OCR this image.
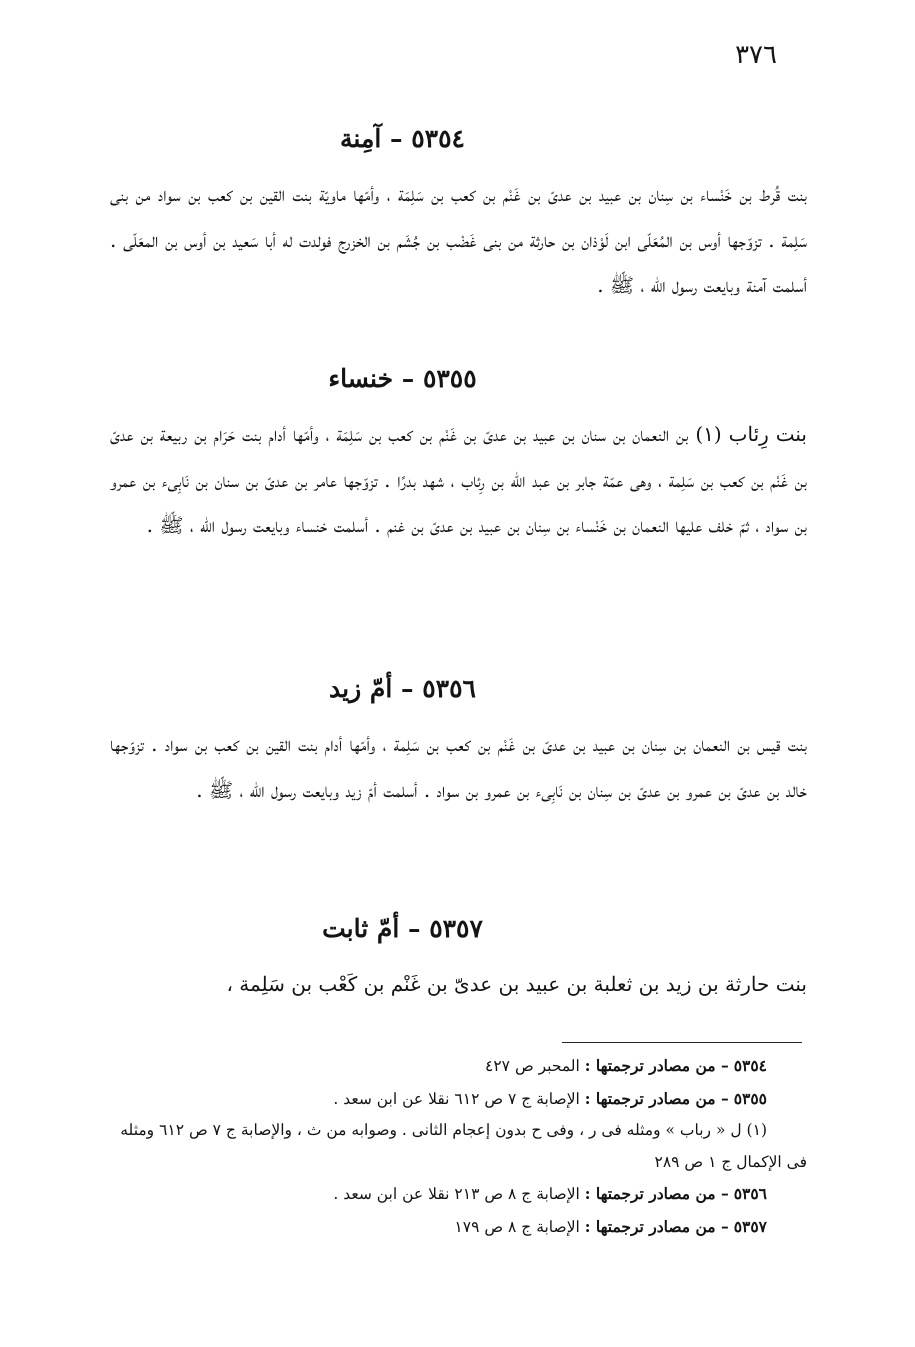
٣٧٦
٥٣٥٤ – آمِنة
بنت قُرط بن خَنْساء بن سِنان بن عبيد بن عدىّ بن غَنْم بن كعب بن سَلِمَة ، وأمّها ماويّة بنت القين بن كعب بن سواد من بنى سَلِمة . تزوّجها أوس بن المُعَلّى ابن لَوْذان بن حارثة من بنى غَضْب بن جُشَم بن الخزرج فولدت له أبا سَعيد بن أوس بن المعَلّى . أسلمت آمنة وبايعت رسول الله ، ﷺ .
٥٣٥٥ – خنساء
بنت رِئاب (١) بن النعمان بن سنان بن عبيد بن عدىّ بن غَنْم بن كعب بن سَلِمَة ، وأمّها أدام بنت حَرَام بن ربيعة بن عدىّ بن غَنْم بن كعب بن سَلِمة ، وهى عمّة جابر بن عبد الله بن رِئاب ، شهد بدرًا . تزوّجها عامر بن عدىّ بن سنان بن نَابِىء بن عمرو بن سواد ، ثمّ خلف عليها النعمان بن خَنْساء بن سِنان بن عبيد بن عدىّ بن غنم . أسلمت خنساء وبايعت رسول الله ، ﷺ .
٥٣٥٦ – أمّ زيد
بنت قيس بن النعمان بن سِنان بن عبيد بن عدىّ بن غَنْم بن كعب بن سَلِمة ، وأمّها أدام بنت القين بن كعب بن سواد . تزوّجها خالد بن عدىّ بن عمرو بن عدىّ بن سِنان بن نَابِىء بن عمرو بن سواد . أسلمت أمّ زيد وبايعت رسول الله ، ﷺ .
٥٣٥٧ – أمّ ثابت
بنت حارثة بن زيد بن ثعلبة بن عبيد بن عدىّ بن غَنْم بن كَعْب بن سَلِمة ،
٥٣٥٤ – من مصادر ترجمتها : المحبر ص ٤٢٧
٥٣٥٥ – من مصادر ترجمتها : الإصابة ج ٧ ص ٦١٢ نقلا عن ابن سعد .
(١) ل « رباب » ومثله فى ر ، وفى ح بدون إعجام الثانى . وصوابه من ث ، والإصابة ج ٧ ص ٦١٢ ومثله فى الإكمال ج ١ ص ٢٨٩
٥٣٥٦ – من مصادر ترجمتها : الإصابة ج ٨ ص ٢١٣ نقلا عن ابن سعد .
٥٣٥٧ – من مصادر ترجمتها : الإصابة ج ٨ ص ١٧٩
